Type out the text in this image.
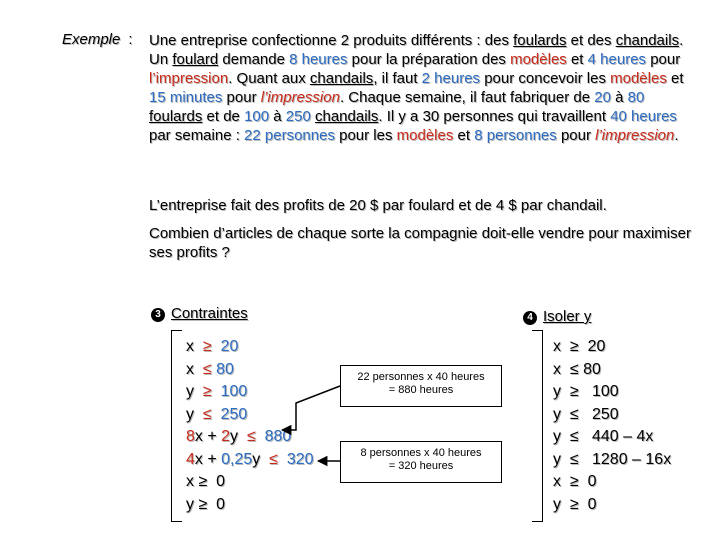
Exemple : Une entreprise confectionne 2 produits différents : des foulards et des chandails. Un foulard demande 8 heures pour la préparation des modèles et 4 heures pour l’impression. Quant aux chandails, il faut 2 heures pour concevoir les modèles et 15 minutes pour l’impression. Chaque semaine, il faut fabriquer de 20 à 80 foulards et de 100 à 250 chandails. Il y a 30 personnes qui travaillent 40 heures par semaine : 22 personnes pour les modèles et 8 personnes pour l’impression.
L’entreprise fait des profits de 20 $ par foulard et de 4 $ par chandail.
Combien d’articles de chaque sorte la compagnie doit-elle vendre pour maximiser ses profits ?
3 Contraintes	4 Isoler y
x ≥ 20
x ≤ 80
y ≥ 100
y ≤ 250
8x + 2y ≤ 880
4x + 0,25y ≤ 320
x ≥ 0
y ≥ 0
x  ≥  20
x  ≤ 80
y  ≥   100
y  ≤   250
y  ≤   440 – 4x
y  ≤   1280 – 16x
x  ≥  0
y  ≥  0
22 personnes x 40 heures
= 880 heures
8 personnes x 40 heures
= 320 heures
